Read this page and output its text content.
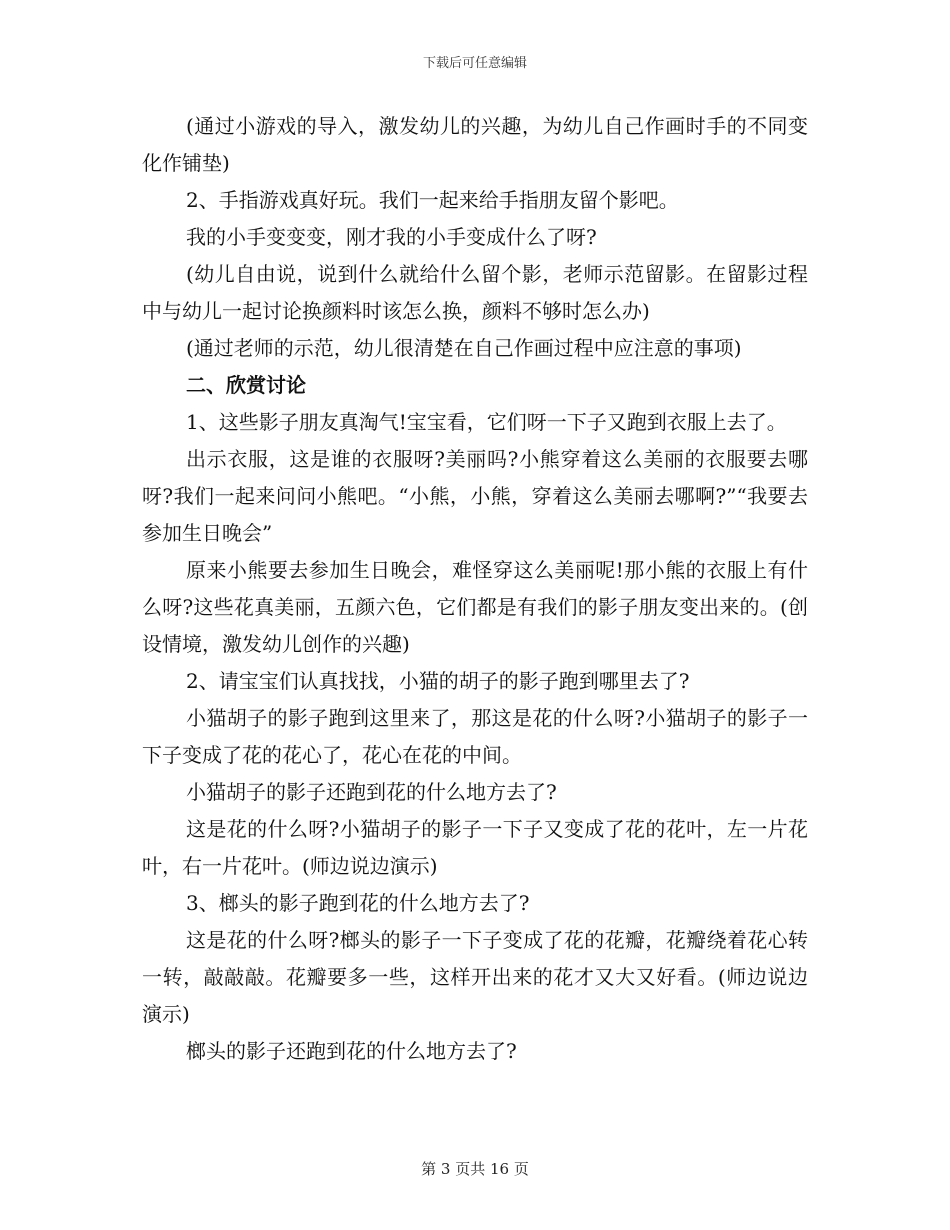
下载后可任意编辑

(通过小游戏的导入，激发幼儿的兴趣，为幼儿自己作画时手的不同变化作铺垫)

2、手指游戏真好玩。我们一起来给手指朋友留个影吧。

我的小手变变变，刚才我的小手变成什么了呀?

(幼儿自由说，说到什么就给什么留个影，老师示范留影。在留影过程中与幼儿一起讨论换颜料时该怎么换，颜料不够时怎么办)

(通过老师的示范，幼儿很清楚在自己作画过程中应注意的事项)

二、欣赏讨论

1、这些影子朋友真淘气!宝宝看，它们呀一下子又跑到衣服上去了。

出示衣服，这是谁的衣服呀?美丽吗?小熊穿着这么美丽的衣服要去哪呀?我们一起来问问小熊吧。“小熊，小熊，穿着这么美丽去哪啊?”“我要去参加生日晚会”

原来小熊要去参加生日晚会，难怪穿这么美丽呢!那小熊的衣服上有什么呀?这些花真美丽，五颜六色，它们都是有我们的影子朋友变出来的。(创设情境，激发幼儿创作的兴趣)

2、请宝宝们认真找找，小猫的胡子的影子跑到哪里去了?

小猫胡子的影子跑到这里来了，那这是花的什么呀?小猫胡子的影子一下子变成了花的花心了，花心在花的中间。

小猫胡子的影子还跑到花的什么地方去了?

这是花的什么呀?小猫胡子的影子一下子又变成了花的花叶，左一片花叶，右一片花叶。(师边说边演示)

3、榔头的影子跑到花的什么地方去了?

这是花的什么呀?榔头的影子一下子变成了花的花瓣，花瓣绕着花心转一转，敲敲敲。花瓣要多一些，这样开出来的花才又大又好看。(师边说边演示)

榔头的影子还跑到花的什么地方去了?

第 3 页共 16 页
